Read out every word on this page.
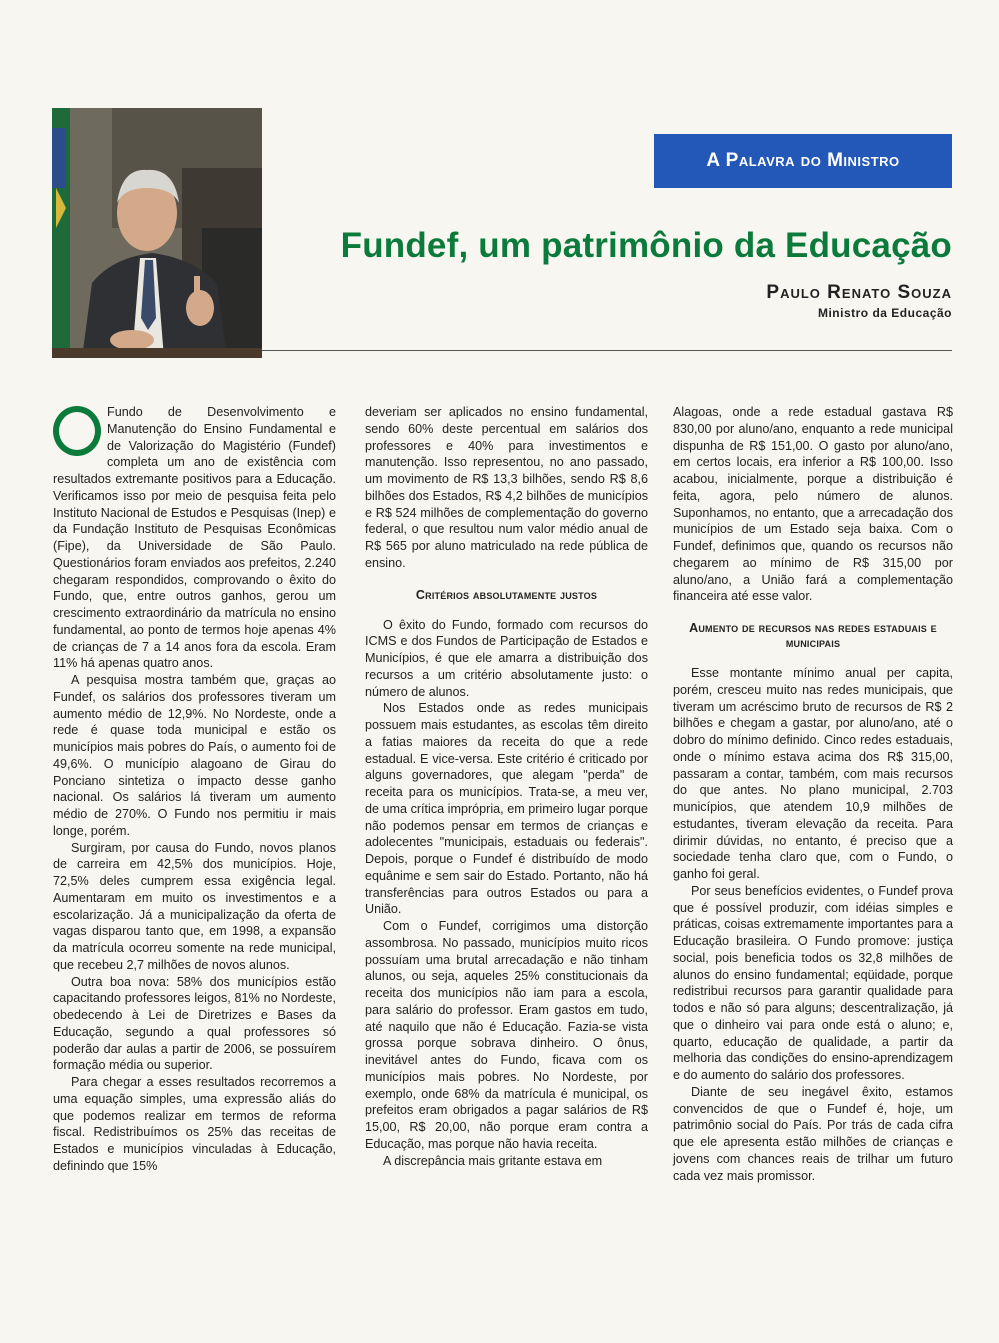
A Palavra do Ministro
Fundef, um patrimônio da Educação
Paulo Renato Souza
Ministro da Educação

Fundo de Desenvolvimento e Manutenção do Ensino Fundamental e de Valorização do Magistério (Fundef) completa um ano de existência com resultados extremante positivos para a Educação. Verificamos isso por meio de pesquisa feita pelo Instituto Nacional de Estudos e Pesquisas (Inep) e da Fundação Instituto de Pesquisas Econômicas (Fipe), da Universidade de São Paulo. Questionários foram enviados aos prefeitos, 2.240 chegaram respondidos, comprovando o êxito do Fundo, que, entre outros ganhos, gerou um crescimento extraordinário da matrícula no ensino fundamental, ao ponto de termos hoje apenas 4% de crianças de 7 a 14 anos fora da escola. Eram 11% há apenas quatro anos.

A pesquisa mostra também que, graças ao Fundef, os salários dos professores tiveram um aumento médio de 12,9%. No Nordeste, onde a rede é quase toda municipal e estão os municípios mais pobres do País, o aumento foi de 49,6%. O município alagoano de Girau do Ponciano sintetiza o impacto desse ganho nacional. Os salários lá tiveram um aumento médio de 270%. O Fundo nos permitiu ir mais longe, porém.

Surgiram, por causa do Fundo, novos planos de carreira em 42,5% dos municípios. Hoje, 72,5% deles cumprem essa exigência legal. Aumentaram em muito os investimentos e a escolarização. Já a municipalização da oferta de vagas disparou tanto que, em 1998, a expansão da matrícula ocorreu somente na rede municipal, que recebeu 2,7 milhões de novos alunos.

Outra boa nova: 58% dos municípios estão capacitando professores leigos, 81% no Nordeste, obedecendo à Lei de Diretrizes e Bases da Educação, segundo a qual professores só poderão dar aulas a partir de 2006, se possuírem formação média ou superior.

Para chegar a esses resultados recorremos a uma equação simples, uma expressão aliás do que podemos realizar em termos de reforma fiscal. Redistribuímos os 25% das receitas de Estados e municípios vinculadas à Educação, definindo que 15%

deveriam ser aplicados no ensino fundamental, sendo 60% deste percentual em salários dos professores e 40% para investimentos e manutenção. Isso representou, no ano passado, um movimento de R$ 13,3 bilhões, sendo R$ 8,6 bilhões dos Estados, R$ 4,2 bilhões de municípios e R$ 524 milhões de complementação do governo federal, o que resultou num valor médio anual de R$ 565 por aluno matriculado na rede pública de ensino.

Critérios absolutamente justos

O êxito do Fundo, formado com recursos do ICMS e dos Fundos de Participação de Estados e Municípios, é que ele amarra a distribuição dos recursos a um critério absolutamente justo: o número de alunos.

Nos Estados onde as redes municipais possuem mais estudantes, as escolas têm direito a fatias maiores da receita do que a rede estadual. E vice-versa. Este critério é criticado por alguns governadores, que alegam "perda" de receita para os municípios. Trata-se, a meu ver, de uma crítica imprópria, em primeiro lugar porque não podemos pensar em termos de crianças e adolecentes "municipais, estaduais ou federais". Depois, porque o Fundef é distribuído de modo equânime e sem sair do Estado. Portanto, não há transferências para outros Estados ou para a União.

Com o Fundef, corrigimos uma distorção assombrosa. No passado, municípios muito ricos possuíam uma brutal arrecadação e não tinham alunos, ou seja, aqueles 25% constitucionais da receita dos municípios não iam para a escola, para salário do professor. Eram gastos em tudo, até naquilo que não é Educação. Fazia-se vista grossa porque sobrava dinheiro. O ônus, inevitável antes do Fundo, ficava com os municípios mais pobres. No Nordeste, por exemplo, onde 68% da matrícula é municipal, os prefeitos eram obrigados a pagar salários de R$ 15,00, R$ 20,00, não porque eram contra a Educação, mas porque não havia receita.

A discrepância mais gritante estava em

Alagoas, onde a rede estadual gastava R$ 830,00 por aluno/ano, enquanto a rede municipal dispunha de R$ 151,00. O gasto por aluno/ano, em certos locais, era inferior a R$ 100,00. Isso acabou, inicialmente, porque a distribuição é feita, agora, pelo número de alunos. Suponhamos, no entanto, que a arrecadação dos municípios de um Estado seja baixa. Com o Fundef, definimos que, quando os recursos não chegarem ao mínimo de R$ 315,00 por aluno/ano, a União fará a complementação financeira até esse valor.

Aumento de recursos nas redes estaduais e municipais

Esse montante mínimo anual per capita, porém, cresceu muito nas redes municipais, que tiveram um acréscimo bruto de recursos de R$ 2 bilhões e chegam a gastar, por aluno/ano, até o dobro do mínimo definido. Cinco redes estaduais, onde o mínimo estava acima dos R$ 315,00, passaram a contar, também, com mais recursos do que antes. No plano municipal, 2.703 municípios, que atendem 10,9 milhões de estudantes, tiveram elevação da receita. Para dirimir dúvidas, no entanto, é preciso que a sociedade tenha claro que, com o Fundo, o ganho foi geral.

Por seus benefícios evidentes, o Fundef prova que é possível produzir, com idéias simples e práticas, coisas extremamente importantes para a Educação brasileira. O Fundo promove: justiça social, pois beneficia todos os 32,8 milhões de alunos do ensino fundamental; eqüidade, porque redistribui recursos para garantir qualidade para todos e não só para alguns; descentralização, já que o dinheiro vai para onde está o aluno; e, quarto, educação de qualidade, a partir da melhoria das condições do ensino-aprendizagem e do aumento do salário dos professores.

Diante de seu inegável êxito, estamos convencidos de que o Fundef é, hoje, um patrimônio social do País. Por trás de cada cifra que ele apresenta estão milhões de crianças e jovens com chances reais de trilhar um futuro cada vez mais promissor.
